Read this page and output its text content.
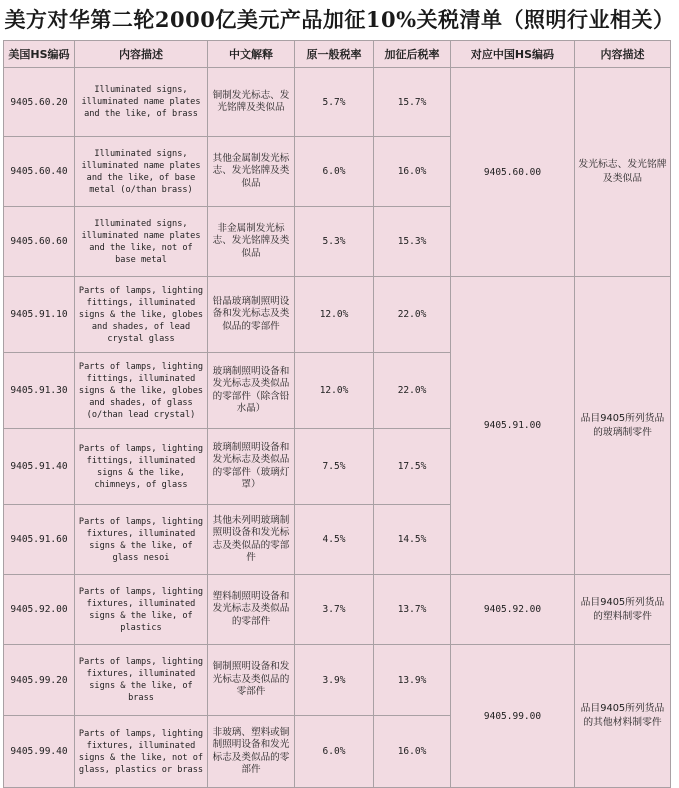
美方对华第二轮2000亿美元产品加征10%关税清单（照明行业相关）
美国HS编码	内容描述	中文解释	原一般税率	加征后税率	对应中国HS编码	内容描述
9405.60.20	Illuminated signs, illuminated name plates and the like, of brass	铜制发光标志、发光铭牌及类似品	5.7%	15.7%	9405.60.00	发光标志、发光铭牌及类似品
9405.60.40	Illuminated signs, illuminated name plates and the like, of base metal (o/than brass)	其他金属制发光标志、发光铭牌及类似品	6.0%	16.0%		
9405.60.60	Illuminated signs, illuminated name plates and the like, not of base metal	非金属制发光标志、发光铭牌及类似品	5.3%	15.3%		
9405.91.10	Parts of lamps, lighting fittings, illuminated signs & the like, globes and shades, of lead crystal glass	铅晶玻璃制照明设备和发光标志及类似品的零部件	12.0%	22.0%	9405.91.00	品目9405所列货品的玻璃制零件
9405.91.30	Parts of lamps, lighting fittings, illuminated signs & the like, globes and shades, of glass (o/than lead crystal)	玻璃制照明设备和发光标志及类似品的零部件（除含铅水晶）	12.0%	22.0%		
9405.91.40	Parts of lamps, lighting fittings, illuminated signs & the like, chimneys, of glass	玻璃制照明设备和发光标志及类似品的零部件（玻璃灯罩）	7.5%	17.5%		
9405.91.60	Parts of lamps, lighting fixtures, illuminated signs & the like, of glass nesoi	其他未列明玻璃制照明设备和发光标志及类似品的零部件	4.5%	14.5%		
9405.92.00	Parts of lamps, lighting fixtures, illuminated signs & the like, of plastics	塑料制照明设备和发光标志及类似品的零部件	3.7%	13.7%	9405.92.00	品目9405所列货品的塑料制零件
9405.99.20	Parts of lamps, lighting fixtures, illuminated signs & the like, of brass	铜制照明设备和发光标志及类似品的零部件	3.9%	13.9%	9405.99.00	品目9405所列货品的其他材料制零件
9405.99.40	Parts of lamps, lighting fixtures, illuminated signs & the like, not of glass, plastics or brass	非玻璃、塑料或铜制照明设备和发光标志及类似品的零部件	6.0%	16.0%		
